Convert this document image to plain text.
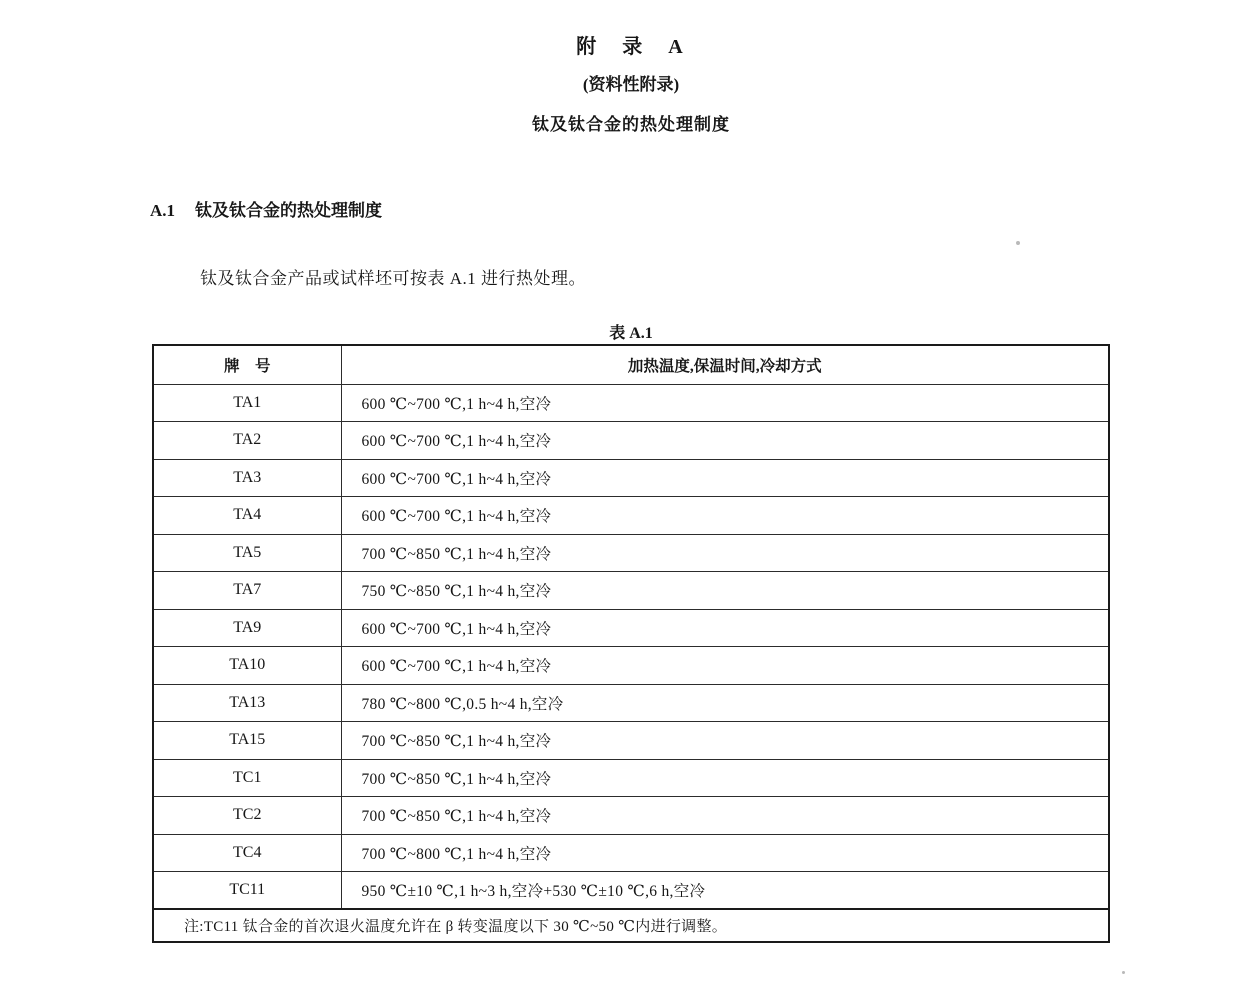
附　录　A
(资料性附录)
钛及钛合金的热处理制度
A.1 钛及钛合金的热处理制度
钛及钛合金产品或试样坯可按表 A.1 进行热处理。
表 A.1
牌　号	加热温度,保温时间,冷却方式
TA1	600 ℃~700 ℃,1 h~4 h,空冷
TA2	600 ℃~700 ℃,1 h~4 h,空冷
TA3	600 ℃~700 ℃,1 h~4 h,空冷
TA4	600 ℃~700 ℃,1 h~4 h,空冷
TA5	700 ℃~850 ℃,1 h~4 h,空冷
TA7	750 ℃~850 ℃,1 h~4 h,空冷
TA9	600 ℃~700 ℃,1 h~4 h,空冷
TA10	600 ℃~700 ℃,1 h~4 h,空冷
TA13	780 ℃~800 ℃,0.5 h~4 h,空冷
TA15	700 ℃~850 ℃,1 h~4 h,空冷
TC1	700 ℃~850 ℃,1 h~4 h,空冷
TC2	700 ℃~850 ℃,1 h~4 h,空冷
TC4	700 ℃~800 ℃,1 h~4 h,空冷
TC11	950 ℃±10 ℃,1 h~3 h,空冷+530 ℃±10 ℃,6 h,空冷
注:TC11 钛合金的首次退火温度允许在 β 转变温度以下 30 ℃~50 ℃内进行调整。	
